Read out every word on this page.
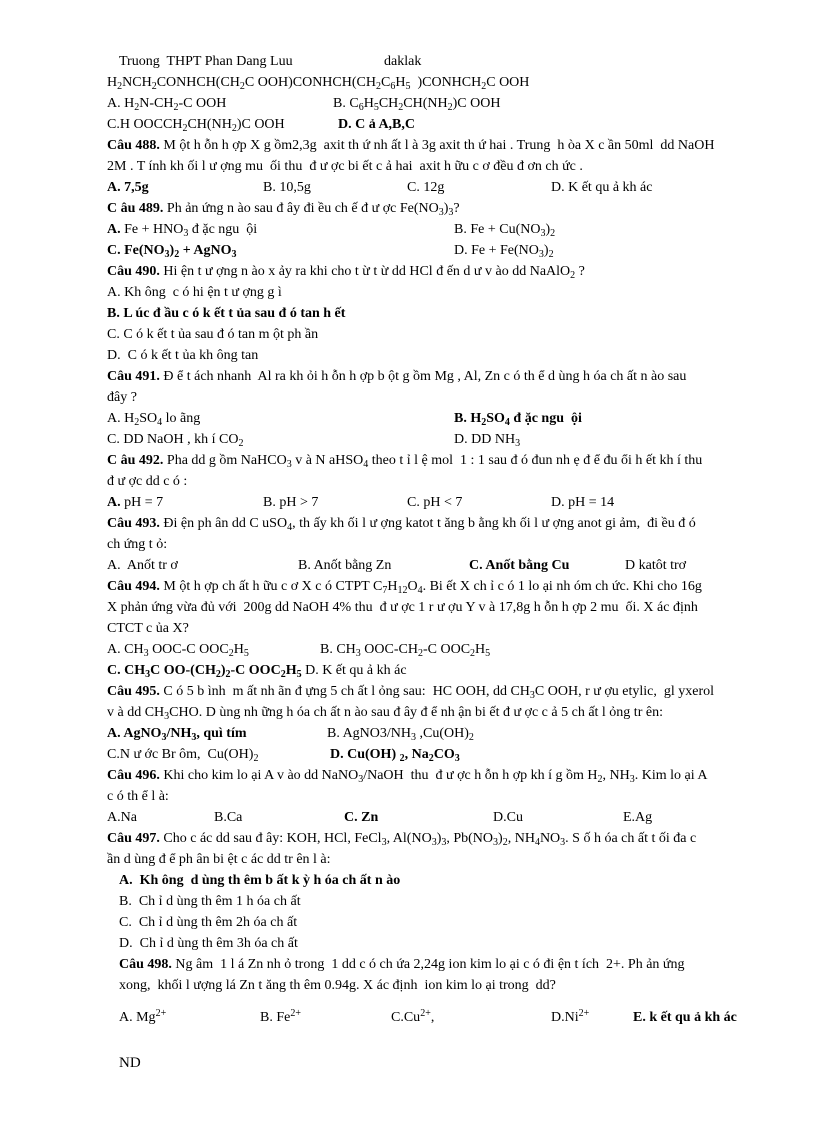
Truong  THPT Phan Dang Luu	daklak
$H_2NCH_2CONHCH(CH_2C$ $OOH)CONHCH(CH_2C_6H_5$  )$CONHCH_2C$ OOH
A. $H_2N-CH_2-C$ OOH	B. $C_6H_5CH_2CH(NH_2)C$ OOH
C.H $OOCCH_2CH(NH_2)C$ OOH	D. C ả A,B,C
Câu 488. M ột h ỗn h ợp X g ồm2,3g  axit th ứ nh ất l à 3g axit th ứ hai . Trung  h òa X c ần 50ml  dd NaOH
2M . T ính kh ối l ư ợng mu  ối thu  đ ư ợc bi ết c ả hai  axit h ữu c ơ đều đ ơn ch ức .
A. 7,5g	B. 10,5g	C. 12g	D. K ết qu ả kh ác
C âu 489. Ph ản ứng n ào sau đ ây đi ều ch ế đ ư ợc $Fe(NO_3)_3$?
A. $Fe + HNO_3$ đ ặc ngu  ội	B. $Fe + Cu(NO_3)_2$
C. $Fe(NO_3)_2$ + AgNO$_3$	D. $Fe + Fe(NO_3)_2$
Câu 490. Hi ện t ư ợng n ào x ảy ra khi cho t ừ t ừ dd HCl đ ến d ư v ào dd NaAlO$_2$ ?
A. Kh ông  c ó hi ện t ư ợng g ì
B. L úc đ ầu c ó k ết t ủa sau đ ó tan h ết
C. C ó k ết t ủa sau đ ó tan m ột ph ần
D.  C ó k ết t ủa kh ông tan
Câu 491. Đ ể t ách nhanh  Al ra kh ỏi h ỗn h ợp b ột g ồm Mg , Al, Zn c ó th ể d ùng h óa ch ất n ào sau
đây ?
A. $H_2SO_4$ lo ãng	B. $H_2SO_4$ đ ặc ngu  ội
C. DD NaOH , kh í $CO_2$	D. DD $NH_3$
C âu 492. Pha dd g ồm NaHCO$_3$ v à N aHSO$_4$ theo t ỉ l ệ mol  1 : 1 sau đ ó đun nh ẹ đ ể đu ổi h ết kh í thu
đ ư ợc dd c ó :
A. pH = 7	B. pH > 7	C. pH < 7	D. pH = 14
Câu 493. Đi ện ph ân dd C uSO$_4$, th ấy kh ối l ư ợng katot t ăng b ằng kh ối l ư ợng anot gi ảm,  đi ều đ ó
ch ứng t ỏ:
A.  Anốt tr ơ	B. Anốt bằng Zn	C. Anốt bằng Cu	D katôt trơ
Câu 494. M ột h ợp ch ất h ữu c ơ X c ó CTPT $C_7H_{12}O_4$. Bi ết X ch ỉ c ó 1 lo ại nh óm ch ức. Khi cho 16g
X phản ứng vừa đủ với  200g dd NaOH 4% thu  đ ư ợc 1 r ư ợu Y v à 17,8g h ỗn h ợp 2 mu  ối. X ác định
CTCT c ủa X?
A. $CH_3$ OOC-C $OOC_2H_5$	B. $CH_3$ OOC-$CH_2-C$ $OOC_2H_5$
C. $CH_3C$ $OO-(CH_2)_2-C$ $OOC_2H_5$ D. K ết qu ả kh ác
Câu 495. C ó 5 b ình  m ất nh ãn đ ựng 5 ch ất l ỏng sau:  HC OOH, dd $CH_3C$ OOH, r ư ợu etylic,  gl yxerol
v à dd $CH_3CHO$. D ùng nh ững h óa ch ất n ào sau đ ây đ ể nh ận bi ết đ ư ợc c ả 5 ch ất l ỏng tr ên:
A. $AgNO_3/NH_3$, quì tím	B. $AgNO3/NH_3$ $,Cu(OH)_2$
C.N ư ớc Br ôm,  $Cu(OH)_2$	D. Cu(OH) $_2$, $Na_2CO_3$
Câu 496. Khi cho kim lo ại A v ào dd NaNO$_3$/NaOH  thu  đ ư ợc h ỗn h ợp kh í g ồm $H_2$, $NH_3$. Kim lo ại A
c ó th ể l à:
A.Na	B.Ca	C. Zn	D.Cu	E.Ag
Câu 497. Cho c ác dd sau đ ây: KOH, HCl, FeCl$_3$, $Al(NO_3)_3$, $Pb(NO_3)_2$, $NH_4NO_3$. S ố h óa ch ất t ối đa c
ần d ùng đ ể ph ân bi ệt c ác dd tr ên l à:
A.  Kh ông  d ùng th êm b ất k ỳ h óa ch ất n ào
B.  Ch ỉ d ùng th êm 1 h óa ch ất
C.  Ch ỉ d ùng th êm 2h óa ch ất
D.  Ch ỉ d ùng th êm 3h óa ch ất
Câu 498. Ng âm  1 l á Zn nh ỏ trong  1 dd c ó ch ứa 2,24g ion kim lo ại c ó đi ện t ích  2+. Ph ản ứng
xong,  khối l ượng lá Zn t ăng th êm 0.94g. X ác định  ion kim lo ại trong  dd?
A. $Mg^{2+}$	B. $Fe^{2+}$	$C.Cu^{2+}$,	$D.Ni^{2+}$	E. k ết qu ả kh ác
ND
